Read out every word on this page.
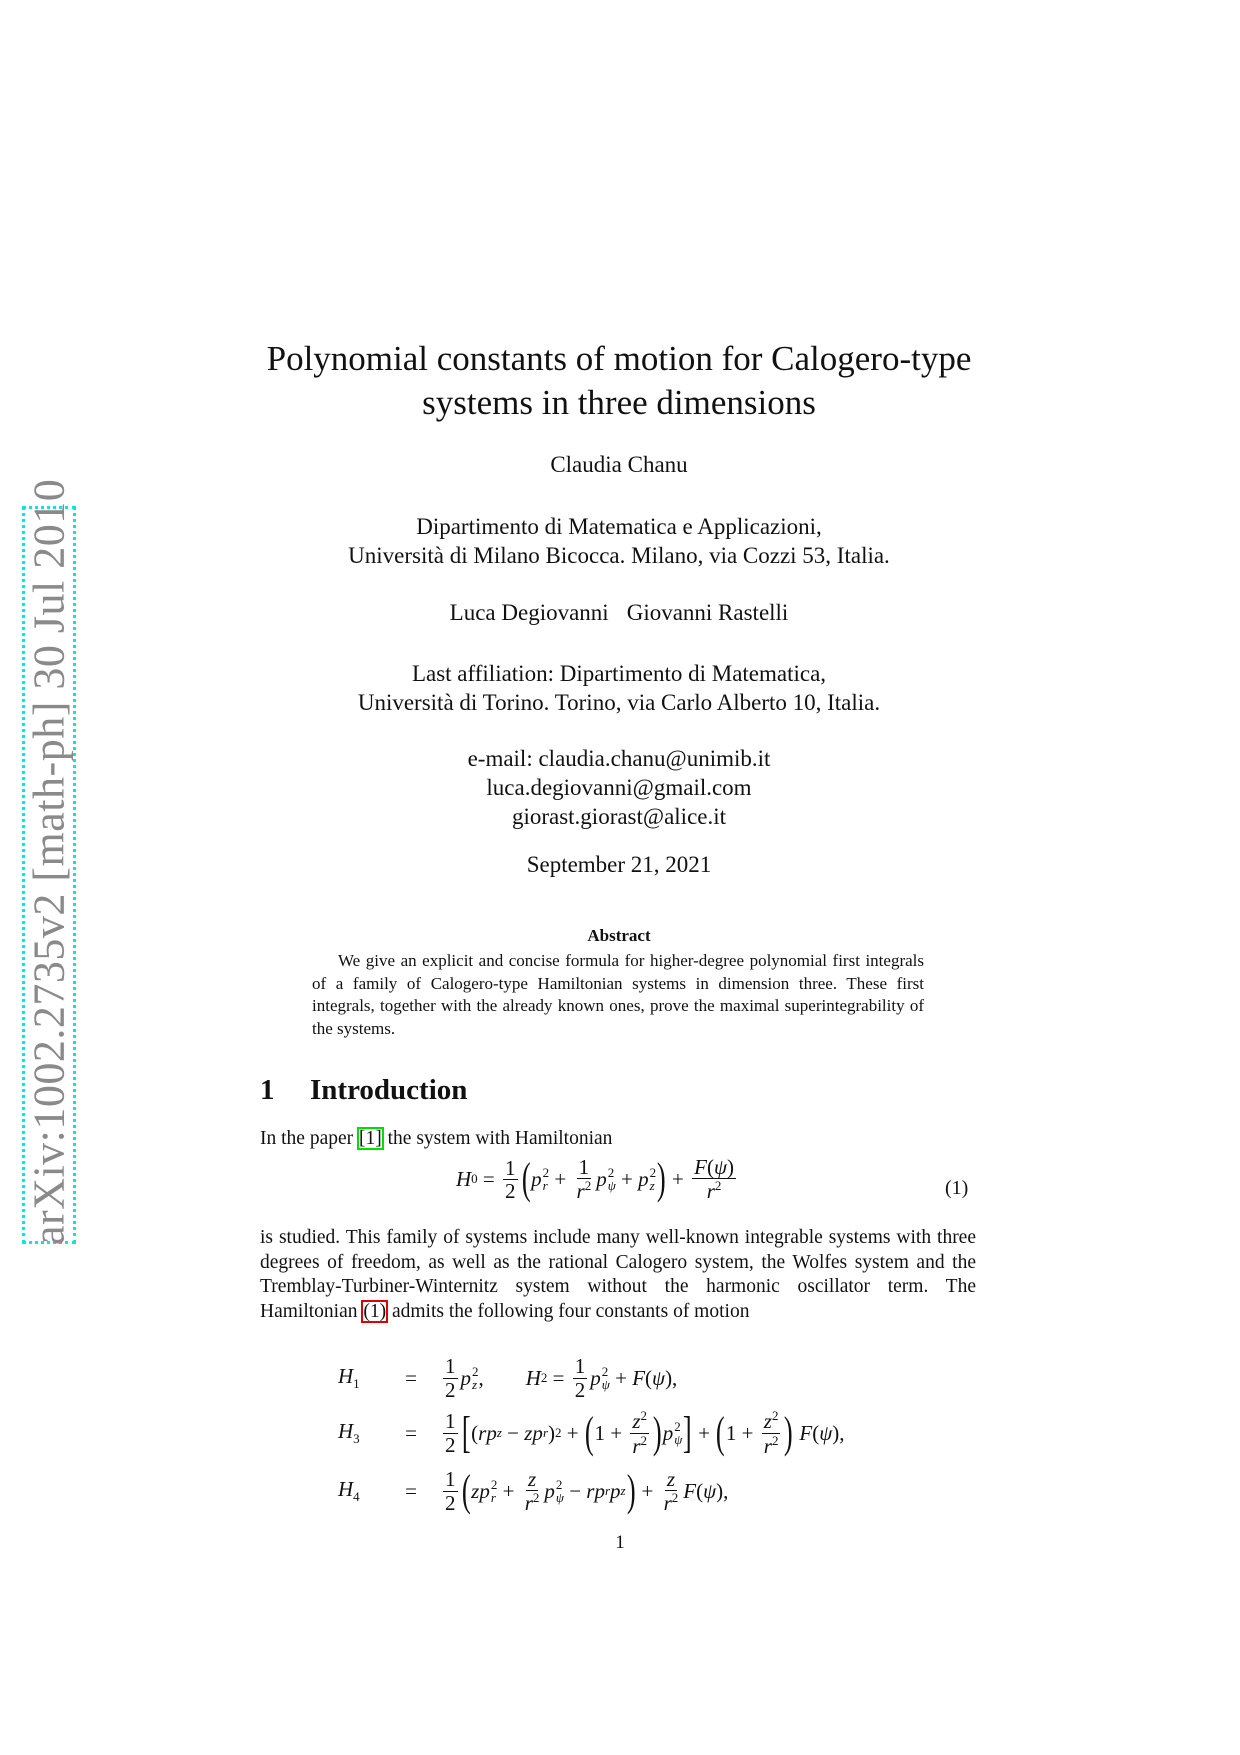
arXiv:1002.2735v2 [math-ph] 30 Jul 2010
Polynomial constants of motion for Calogero-type
systems in three dimensions
Claudia Chanu
Dipartimento di Matematica e Applicazioni,
Università di Milano Bicocca. Milano, via Cozzi 53, Italia.
Luca Degiovanni Giovanni Rastelli
Last affiliation: Dipartimento di Matematica,
Università di Torino. Torino, via Carlo Alberto 10, Italia.
e-mail: claudia.chanu@unimib.it
luca.degiovanni@gmail.com
giorast.giorast@alice.it
September 21, 2021
Abstract
We give an explicit and concise formula for higher-degree polynomial first integrals of a family of Calogero-type Hamiltonian systems in dimension three. These first integrals, together with the already known ones, prove the maximal superintegrability of the systems.
1 Introduction
In the paper [1] the system with Hamiltonian
H $0 = \frac{1}{2}$ ( p 2
$r + \frac{1}{r^2}$ p 2
ψ + p 2
z ) + $\frac{F(\psi)}{r^2}$	(1)
is studied. This family of systems include many well-known integrable systems with three degrees of freedom, as well as the rational Calogero system, the Wolfes system and the Tremblay-Turbiner-Winternitz system without the harmonic oscillator term. The Hamiltonian (1) admits the following four constants of motion
$H_1$	=	$\frac{1}{2}$ p 2
z , H $2 = \frac{1}{2}$ p 2
ψ + F ( ψ ),
$H_3$	=	$\frac{1}{2}$ [ ( rp z − zp r ) 2 + ( $1 + \frac{z^2}{r^2}$ ) p 2
ψ ] + ( $1 + \frac{z^2}{r^2}$ )
F ( ψ ),
$H_4$	=	$\frac{1}{2}$ ( zp 2
$r + \frac{z}{r^2}$ p 2
ψ − rp r p z ) + $\frac{z}{r^2}$ F ( ψ ),
1
